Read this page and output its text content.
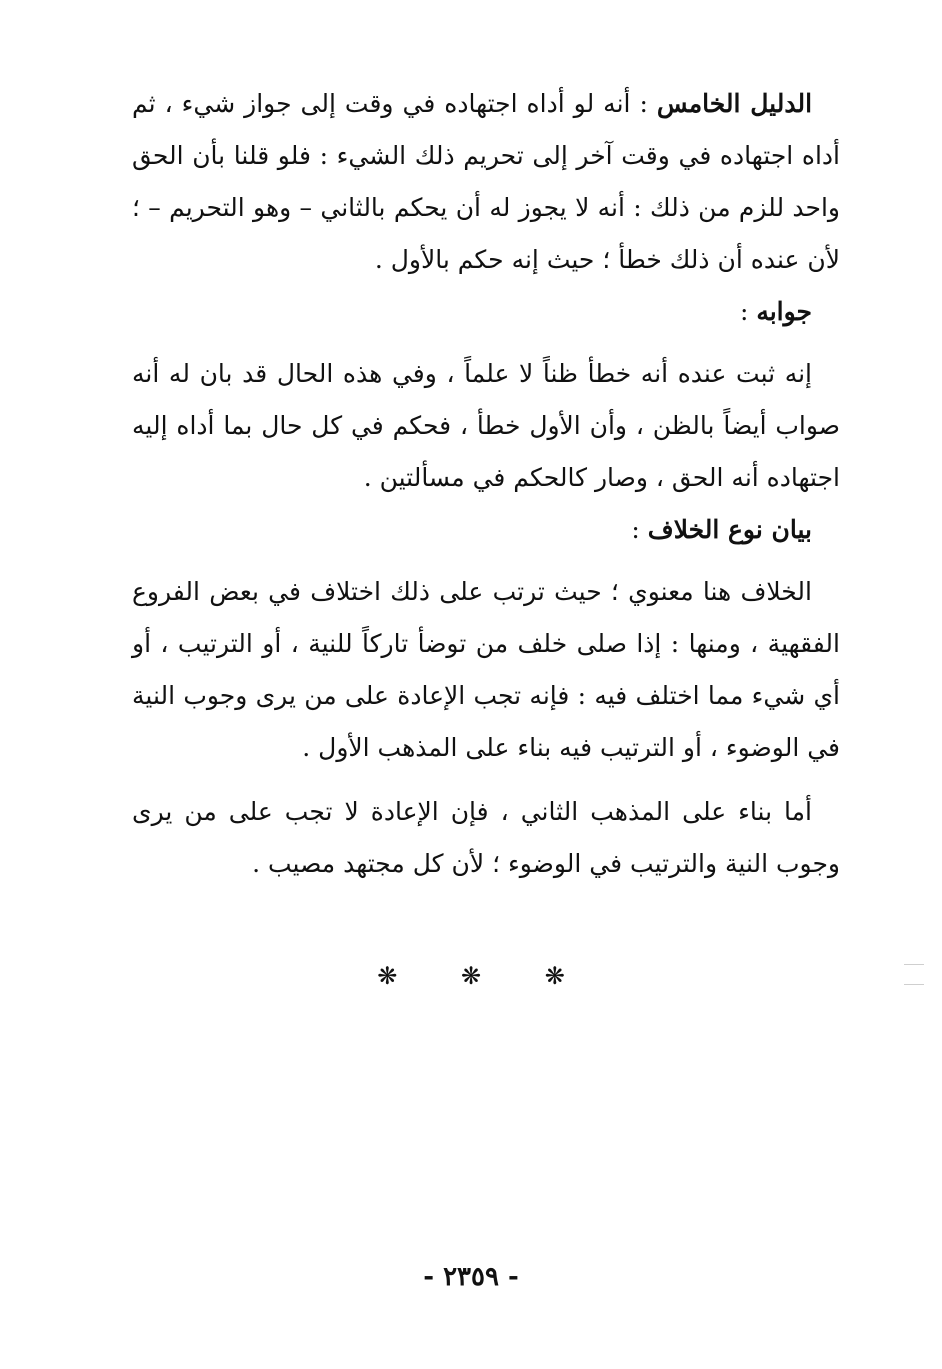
الدليل الخامس : أنه لو أداه اجتهاده في وقت إلى جواز شيء ، ثم أداه اجتهاده في وقت آخر إلى تحريم ذلك الشيء : فلو قلنا بأن الحق واحد للزم من ذلك : أنه لا يجوز له أن يحكم بالثاني – وهو التحريم – ؛ لأن عنده أن ذلك خطأ ؛ حيث إنه حكم بالأول .

جوابه :

إنه ثبت عنده أنه خطأ ظناً لا علماً ، وفي هذه الحال قد بان له أنه صواب أيضاً بالظن ، وأن الأول خطأ ، فحكم في كل حال بما أداه إليه اجتهاده أنه الحق ، وصار كالحكم في مسألتين .

بيان نوع الخلاف :

الخلاف هنا معنوي ؛ حيث ترتب على ذلك اختلاف في بعض الفروع الفقهية ، ومنها : إذا صلى خلف من توضأ تاركاً للنية ، أو الترتيب ، أو أي شيء مما اختلف فيه : فإنه تجب الإعادة على من يرى وجوب النية في الوضوء ، أو الترتيب فيه بناء على المذهب الأول .

أما بناء على المذهب الثاني ، فإن الإعادة لا تجب على من يرى وجوب النية والترتيب في الوضوء ؛ لأن كل مجتهد مصيب .

❋	❋	❋
- ٢٣٥٩ -
